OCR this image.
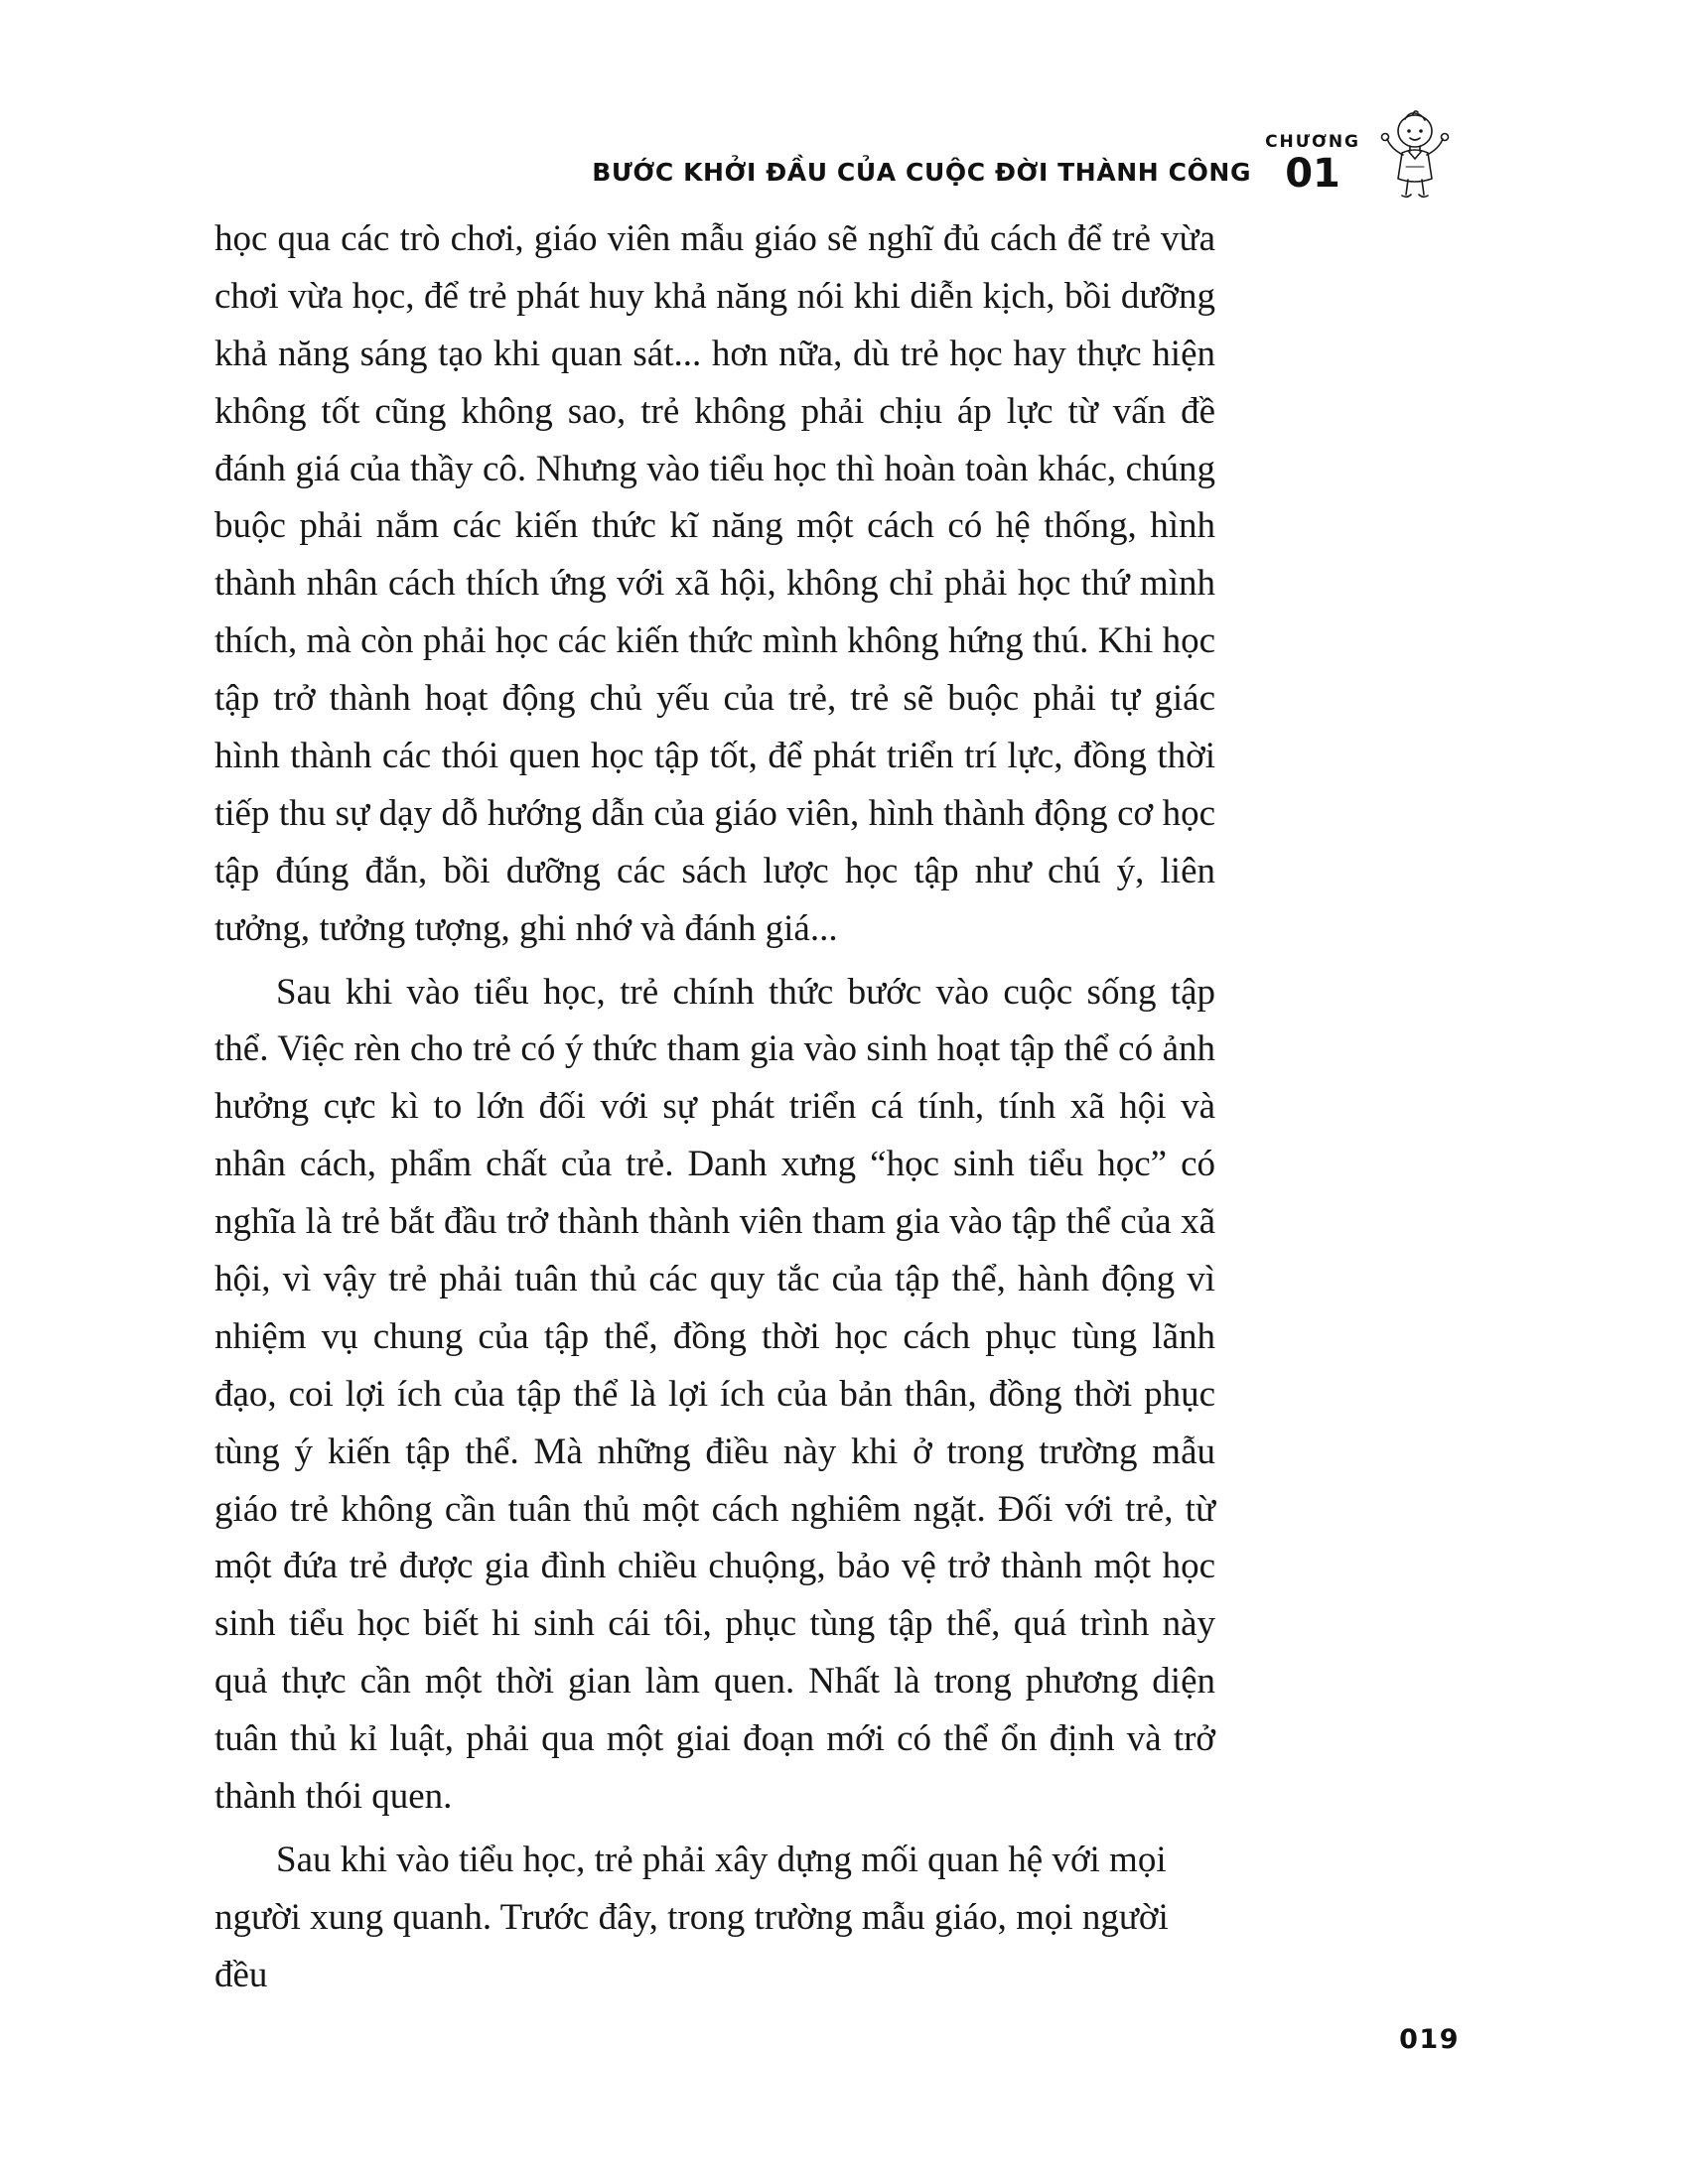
BƯỚC KHỞI ĐẦU CỦA CUỘC ĐỜI THÀNH CÔNG
CHƯƠNG
01

học qua các trò chơi, giáo viên mẫu giáo sẽ nghĩ đủ cách để trẻ vừa chơi vừa học, để trẻ phát huy khả năng nói khi diễn kịch, bồi dưỡng khả năng sáng tạo khi quan sát... hơn nữa, dù trẻ học hay thực hiện không tốt cũng không sao, trẻ không phải chịu áp lực từ vấn đề đánh giá của thầy cô. Nhưng vào tiểu học thì hoàn toàn khác, chúng buộc phải nắm các kiến thức kĩ năng một cách có hệ thống, hình thành nhân cách thích ứng với xã hội, không chỉ phải học thứ mình thích, mà còn phải học các kiến thức mình không hứng thú. Khi học tập trở thành hoạt động chủ yếu của trẻ, trẻ sẽ buộc phải tự giác hình thành các thói quen học tập tốt, để phát triển trí lực, đồng thời tiếp thu sự dạy dỗ hướng dẫn của giáo viên, hình thành động cơ học tập đúng đắn, bồi dưỡng các sách lược học tập như chú ý, liên tưởng, tưởng tượng, ghi nhớ và đánh giá...

Sau khi vào tiểu học, trẻ chính thức bước vào cuộc sống tập thể. Việc rèn cho trẻ có ý thức tham gia vào sinh hoạt tập thể có ảnh hưởng cực kì to lớn đối với sự phát triển cá tính, tính xã hội và nhân cách, phẩm chất của trẻ. Danh xưng “học sinh tiểu học” có nghĩa là trẻ bắt đầu trở thành thành viên tham gia vào tập thể của xã hội, vì vậy trẻ phải tuân thủ các quy tắc của tập thể, hành động vì nhiệm vụ chung của tập thể, đồng thời học cách phục tùng lãnh đạo, coi lợi ích của tập thể là lợi ích của bản thân, đồng thời phục tùng ý kiến tập thể. Mà những điều này khi ở trong trường mẫu giáo trẻ không cần tuân thủ một cách nghiêm ngặt. Đối với trẻ, từ một đứa trẻ được gia đình chiều chuộng, bảo vệ trở thành một học sinh tiểu học biết hi sinh cái tôi, phục tùng tập thể, quá trình này quả thực cần một thời gian làm quen. Nhất là trong phương diện tuân thủ kỉ luật, phải qua một giai đoạn mới có thể ổn định và trở thành thói quen.

Sau khi vào tiểu học, trẻ phải xây dựng mối quan hệ với mọi người xung quanh. Trước đây, trong trường mẫu giáo, mọi người đều

019
